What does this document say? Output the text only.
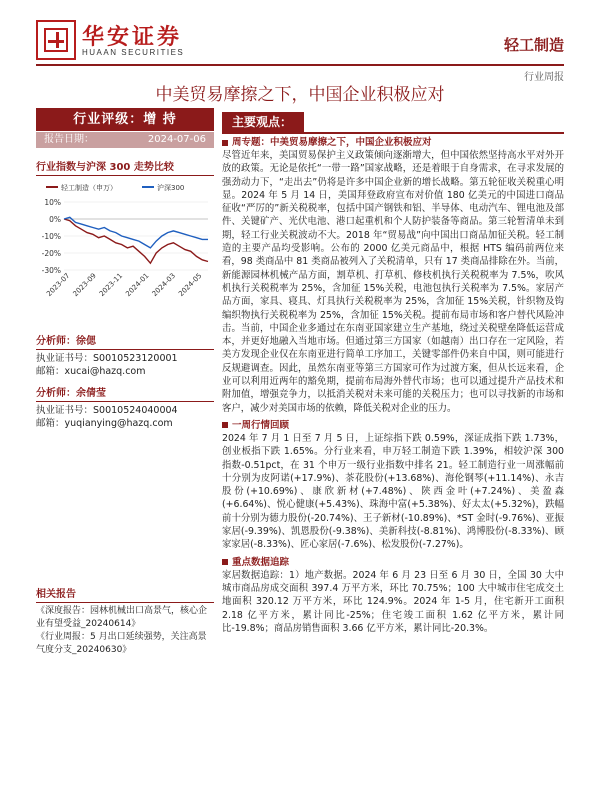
华安证券
HUAAN SECURITIES	轻工制造
行业周报
中美贸易摩擦之下，中国企业积极应对
行业评级：增 持
报告日期：	2024-07-06
行业指数与沪深 300 走势比较
轻工制造（申万）	沪深300
10%
0%
-10%
-20%
-30%
2023-07 2023-09 2023-11 2024-01 2024-03 2024-05
分析师：徐偲
执业证书号：S0010523120001
邮箱：xucai@hazq.com
分析师：余倩莹
执业证书号：S0010524040004
邮箱：yuqianying@hazq.com
相关报告
《深度报告：园林机械出口高景气，核心企业有望受益_20240614》
《行业周报：5 月出口延续强势，关注高景气度分支_20240630》
主要观点：
周专题：中美贸易摩擦之下，中国企业积极应对

尽管近年来，美国贸易保护主义政策倾向逐渐增大，但中国依然坚持高水平对外开放的政策。无论是依托“一带一路”国家战略，还是着眼于自身需求，在寻求发展的强劲动力下，“走出去”仍将是许多中国企业新的增长战略。第五轮征收关税重心明显。2024 年 5 月 14 日，美国拜登政府宣布对价值 180 亿美元的中国进口商品征收“严厉的”新关税税率，包括中国产钢铁和铝、半导体、电动汽车、锂电池及部件、关键矿产、光伏电池、港口起重机和个人防护装备等商品。第三轮暂清单未到期，轻工行业关税波动不大。2018 年“贸易战”向中国出口商品加征关税。轻工制造的主要产品均受影响。公布的 2000 亿美元商品中，根据 HTS 编码前两位来看，98 类商品中 81 类商品被列入了关税清单，只有 17 类商品排除在外。当前，新能源园林机械产品方面，割草机、打草机、修枝机执行关税税率为 7.5%，吹风机执行关税税率为 25%，含加征 15%关税，电池包执行关税率为 7.5%。家居产品方面，家具、寝具、灯具执行关税税率为 25%，含加征 15%关税，针织物及钩编织物执行关税税率为 25%，含加征 15%关税。提前布局市场和客户替代风险冲击。当前，中国企业多通过在东南亚国家建立生产基地，绕过关税壁垒降低运营成本，并更好地融入当地市场。但通过第三方国家（如越南）出口存在一定风险，若美方发现企业仅在东南亚进行简单工序加工，关键零部件仍来自中国，则可能进行反规避调查。因此，虽然东南亚等第三方国家可作为过渡方案，但从长远来看，企业可以利用近两年的豁免期，提前布局海外替代市场；也可以通过提升产品技术和附加值，增强竞争力，以抵消关税对未来可能的关税压力；也可以寻找新的市场和客户，减少对美国市场的依赖，降低关税对企业的压力。

一周行情回顾

2024 年 7 月 1 日至 7 月 5 日，上证综指下跌 0.59%，深证成指下跌 1.73%，创业板指下跌 1.65%。分行业来看，申万轻工制造下跌 1.39%，相较沪深 300 指数-0.51pct，在 31 个申万一级行业指数中排名 21。轻工制造行业一周涨幅前十分别为皮阿诺(+17.9%)、茶花股份(+13.68%)、海伦钢琴(+11.14%)、永吉股份(+10.69%)、康欣新材(+7.48%)、陕西金叶(+7.24%)、美盈森(+6.64%)、悦心健康(+5.43%)、珠海中富(+5.38%)、好太太(+5.32%)，跌幅前十分别为德力股份(-20.74%)、王子新材(-10.89%)、*ST 金时(-9.76%)、亚振家居(-9.39%)、凯恩股份(-9.38%)、美新科技(-8.81%)、鸿博股份(-8.33%)、顾家家居(-8.33%)、匠心家居(-7.6%)、松发股份(-7.27%)。

重点数据追踪

家居数据追踪：1）地产数据。2024 年 6 月 23 日至 6 月 30 日，全国 30 大中城市商品房成交面积 397.4 万平方米，环比 70.75%；100 大中城市住宅成交土地面积 320.12 万平方米，环比 124.9%。2024 年 1-5 月，住宅新开工面积 2.18 亿平方米，累计同比-25%；住宅竣工面积 1.62 亿平方米，累计同比-19.8%；商品房销售面积 3.66 亿平方米，累计同比-20.3%。
